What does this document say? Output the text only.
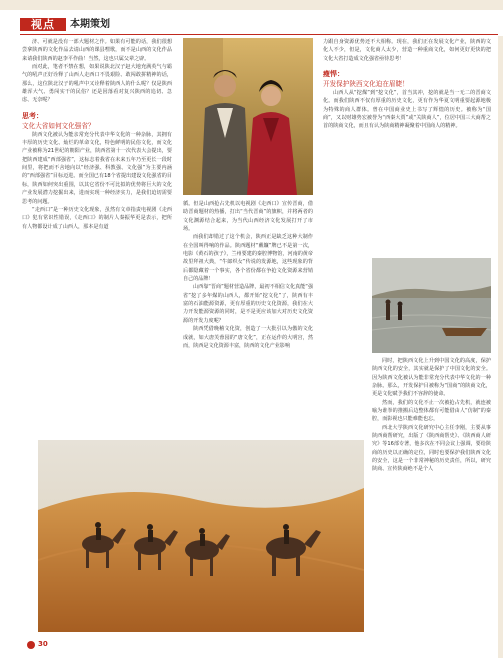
视点	本期策划

济、可就是没有一部大题材之作。如果有可能的话，我们很想尝拿陕西的文化作品去请山西的课县嘿歌，而不是山西的文化作品来请我们陕西的赵李平作曲！当然，这也只属父辈之辟。

而对此，笔者不禁在想，如果说陕北汉子赵大地充满英气与霸气的吼声正好诠释了山西人走西口不畏艰险、敢闯敢拼精神的话，那么，这位陕北汉子的吼声中又诠释着陕西人的什么呢？仅是陕西雄浑大气、勇闯实干的民俗？还是因落看对复兴陕西的追切、急虑、无奈呢？

思考：

文化大省如何文化强省？

陕西文化被认为能亲常充分代表中华文化的一种杂脉，其拥有丰厚的历史文化、灿烂的革命文化，特色鲜明的民俗文化，而文化产业被称为21世纪的朝阳产业，陕西省第十一次代表大会提出，要把陕西建成“西部强省”，这标志着我省在未来五年乃至更长一段时间里，将把而不舍地向以“经济强、科教强、文化强”为主要内涵的“西部强省”目标迈进。而全国已有18个省提出建设文化强省的目标，陕西如何突出重围，以其它省份不可比拟的优势将巨大的文化产业发展潜力挖掘出来，进而实现一种经济实力，是我们迫切需要思考的问题。

“走西口”是一种历史文化现象，虽然有文章指责电视剧《走西口》犯有常识性错误，《走西口》的制片人秦振华更是表示，把所有人物都设计成了山西人，那本是有道

循。但是山西抢占先机以电视剧《走西口》宣传晋商，借助晋商题材的热播，打出“当代晋商”的旗帜，并将两者的文化渊源结合起来，为当代山西经济文化发展打开了市场。

而我们却错过了这个机会，陕西正是缺乏这种大制作在全国叫得响的作品。陕西题材“戴镰”牌已不是第一次，电影《黄石的孩子》，兰州要建的秦腔博物馆，河南的黄帝故里拜祖大典，“牛郎织女”传说的发源地，这些现象的背后都隐藏着一个事实，各个省份都在争抢文化资源来营销自己的品牌！

山西靠“晋商”题材营造品牌，最初不相信文化真能“强省”挖了多年煤的山西人，都开始“挖文化”了，陕西有丰富的石油能源资源，更有厚重的历史文化资源，我们在大力开发能源资源的同时，是不是更应该加大对历史文化资源的开发力度呢？

陕西凭借晚稽文化资，创造了一大批引以为傲的文化成就，如大唐芙蓉园的“唐文化”，正在运作的大明宫，然而，陕西是文化资源丰富，陕西的文化产业影响

力跟自身资源优势还不大相称。现在，我们正在发展文化产业，陕西的文化人不少，但是，文化商人太少，营造一种重商文化，如何更好更快的把文化大省打造成文化强省亟待思考！

瘦悍：

开发保护陕西文化迫在眉睫！

山西人从“挖煤”到“挖文化”，首当其冲，挖的就是当一无二的晋商文化。而我们陕西不仅有厚重的历史文化，更有作为华夏文明重要起源地极为特殊的商人群体。曾在中国商业史上书写了辉煌的历史。被称为“国商”，又以财雄势宏被誉为“西秦大贾”或“关陕商人”，位居中国三大商帮之首的陕商文化，而且有认为陕商精神凝聚着中国商人的精神。

同时，把陕西文化上升到中国文化的高度，保护陕西文化的安全，其实就是保护了中国文化的安全。因为陕西文化被认为能非常充分代表中华文化的一种杂脉。那么，开发保护目被称为“国商”的陕商文化，更是文化赋予我们不容辞的使命。

然而，我们的文化不止一次被抢占先机，就连被喻为谁拳的推搬后边整体都有可能借由人“仿制”的秦腔，而影视也只能难能也忘，

西北大学陕西文化研究中心主任李刚，主要从事陕西商帮研究，出版了《陕西商帮史》、《陕西商人研究》等16部专著，他多次在不同会议上强调，要给陕商的历史以正确的定位，同时也要保护我们陕西文化的安全，这是一个非常神秘的历史责任，所以，研究陕商、宣传陕商绝不是个人

30
